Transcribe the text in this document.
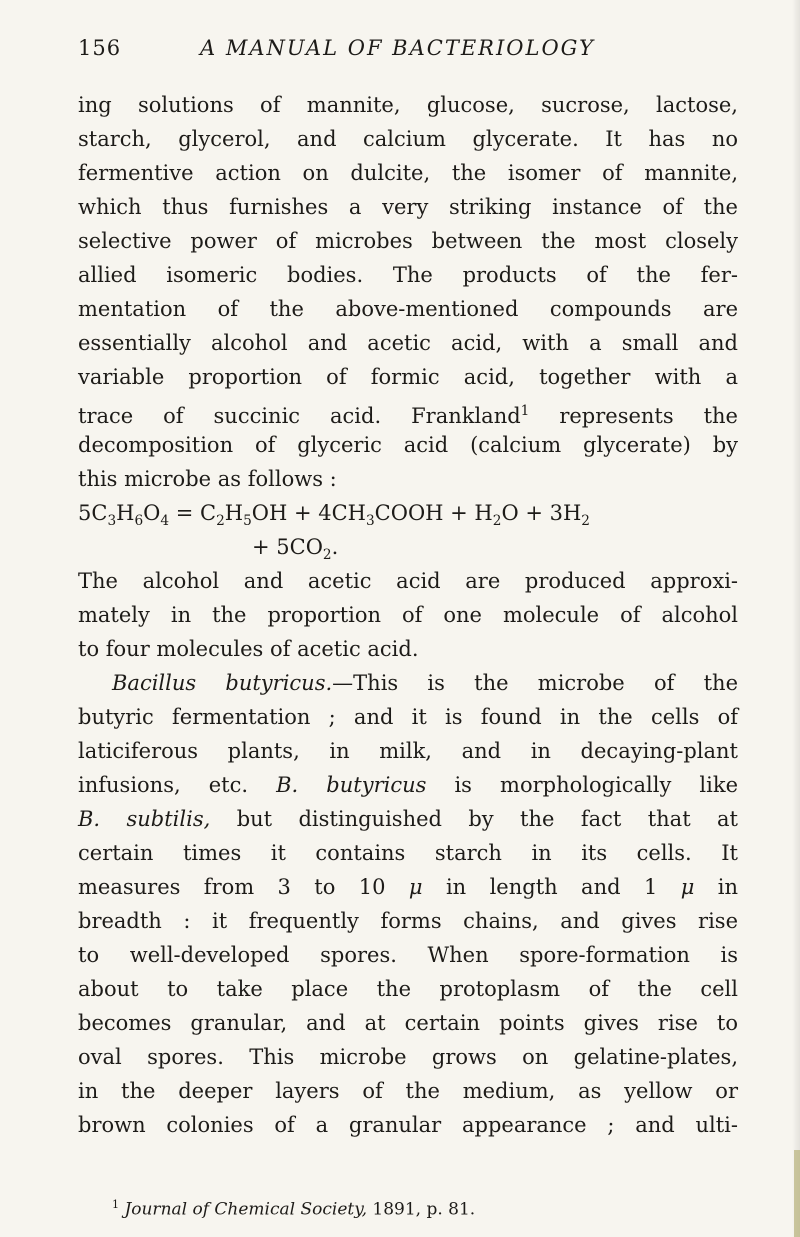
156	A MANUAL OF BACTERIOLOGY
ing solutions of mannite, glucose, sucrose, lactose,
starch, glycerol, and calcium glycerate. It has no
fermentive action on dulcite, the isomer of mannite,
which thus furnishes a very striking instance of the
selective power of microbes between the most closely
allied isomeric bodies. The products of the fer-
mentation of the above-mentioned compounds are
essentially alcohol and acetic acid, with a small and
variable proportion of formic acid, together with a
trace of succinic acid. Frankland$^1$ represents the
decomposition of glyceric acid (calcium glycerate) by
this microbe as follows :
$5C_3H_6O_4 = C_2H_5OH$ + $4CH_3COOH + H_2O + 3H_2$
+ $5CO_2$.
The alcohol and acetic acid are produced approxi-
mately in the proportion of one molecule of alcohol
to four molecules of acetic acid.
Bacillus butyricus.—This is the microbe of the
butyric fermentation ; and it is found in the cells of
laticiferous plants, in milk, and in decaying-plant
infusions, etc. B. butyricus is morphologically like
B. subtilis, but distinguished by the fact that at
certain times it contains starch in its cells. It
measures from 3 to 10 μ in length and 1 μ in
breadth : it frequently forms chains, and gives rise
to well-developed spores. When spore-formation is
about to take place the protoplasm of the cell
becomes granular, and at certain points gives rise to
oval spores. This microbe grows on gelatine-plates,
in the deeper layers of the medium, as yellow or
brown colonies of a granular appearance ; and ulti-
$^1$ Journal of Chemical Society, 1891, p. 81.
